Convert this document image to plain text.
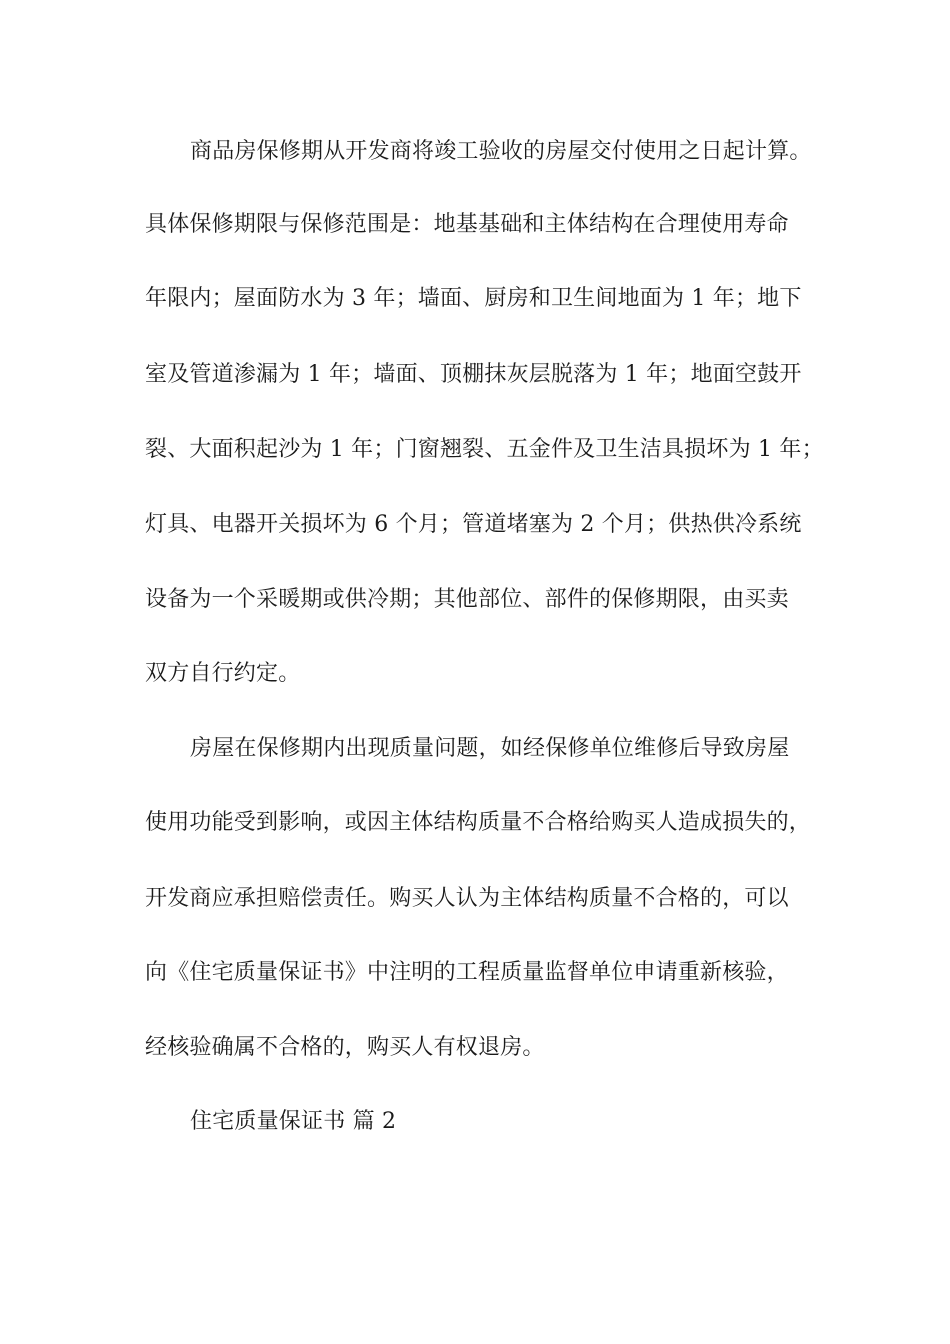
商品房保修期从开发商将竣工验收的房屋交付使用之日起计算。
具体保修期限与保修范围是：地基基础和主体结构在合理使用寿命
年限内；屋面防水为 3 年；墙面、厨房和卫生间地面为 1 年；地下
室及管道渗漏为 1 年；墙面、顶棚抹灰层脱落为 1 年；地面空鼓开
裂、大面积起沙为 1 年；门窗翘裂、五金件及卫生洁具损坏为 1 年；
灯具、电器开关损坏为 6 个月；管道堵塞为 2 个月；供热供冷系统
设备为一个采暖期或供冷期；其他部位、部件的保修期限，由买卖
双方自行约定。
房屋在保修期内出现质量问题，如经保修单位维修后导致房屋
使用功能受到影响，或因主体结构质量不合格给购买人造成损失的，
开发商应承担赔偿责任。购买人认为主体结构质量不合格的，可以
向《住宅质量保证书》中注明的工程质量监督单位申请重新核验，
经核验确属不合格的，购买人有权退房。
住宅质量保证书 篇 2
